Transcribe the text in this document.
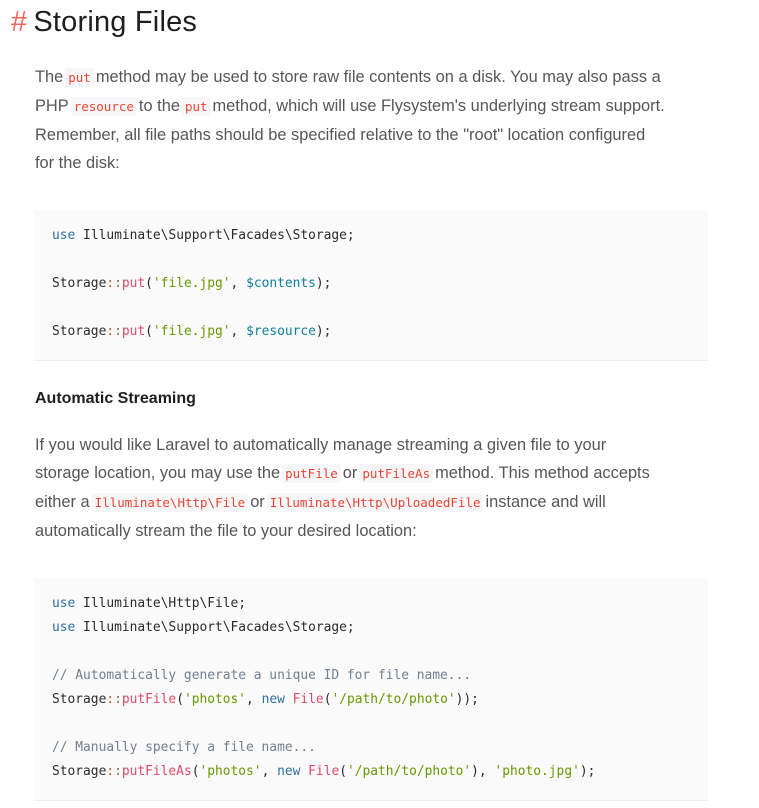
# Storing Files

The put method may be used to store raw file contents on a disk. You may also pass a
PHP resource to the put method, which will use Flysystem's underlying stream support.
Remember, all file paths should be specified relative to the "root" location configured
for the disk:

use Illuminate\Support\Facades\Storage;
Storage::put('file.jpg', $contents);
Storage::put('file.jpg', $resource);
Automatic Streaming

If you would like Laravel to automatically manage streaming a given file to your
storage location, you may use the putFile or putFileAs method. This method accepts
either a Illuminate\Http\File or Illuminate\Http\UploadedFile instance and will
automatically stream the file to your desired location:

use Illuminate\Http\File;
use Illuminate\Support\Facades\Storage;
// Automatically generate a unique ID for file name...
Storage::putFile('photos', new File('/path/to/photo'));
// Manually specify a file name...
Storage::putFileAs('photos', new File('/path/to/photo'), 'photo.jpg');
